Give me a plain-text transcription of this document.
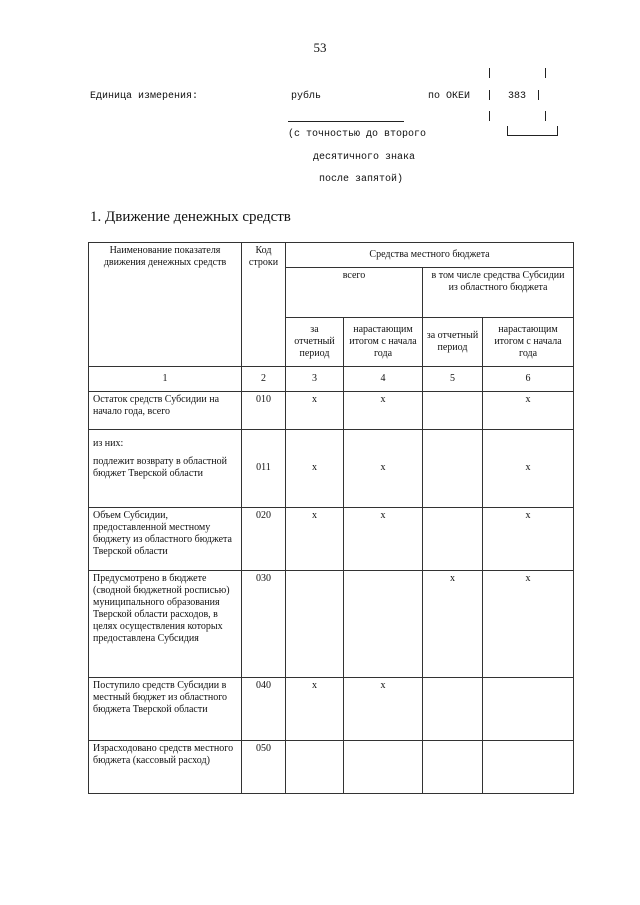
53
Единица измерения:	рубль	по ОКЕИ	383
(с точностью до второго
десятичного знака
после запятой)
1. Движение денежных средств
Наименование показателя движения денежных средств	Код строки	Средства местного бюджета			
		всего		в том числе средства Субсидии из областного бюджета	
		за отчетный период	нарастающим итогом с начала года	за отчетный период	нарастающим итогом с начала года
1	2	3	4	5	6
Остаток средств Субсидии на начало года, всего	010	x	x		x

из них:
подлежит возврату в областной бюджет Тверской области	011	x	x		x
Объем Субсидии, предоставленной местному бюджету из областного бюджета Тверской области	020	x	x		x
Предусмотрено в бюджете (сводной бюджетной росписью) муниципального образования Тверской области расходов, в целях осуществления которых предоставлена Субсидия	030			x	x
Поступило средств Субсидии в местный бюджет из областного бюджета Тверской области	040	x	x		
Израсходовано средств местного бюджета (кассовый расход)	050				
